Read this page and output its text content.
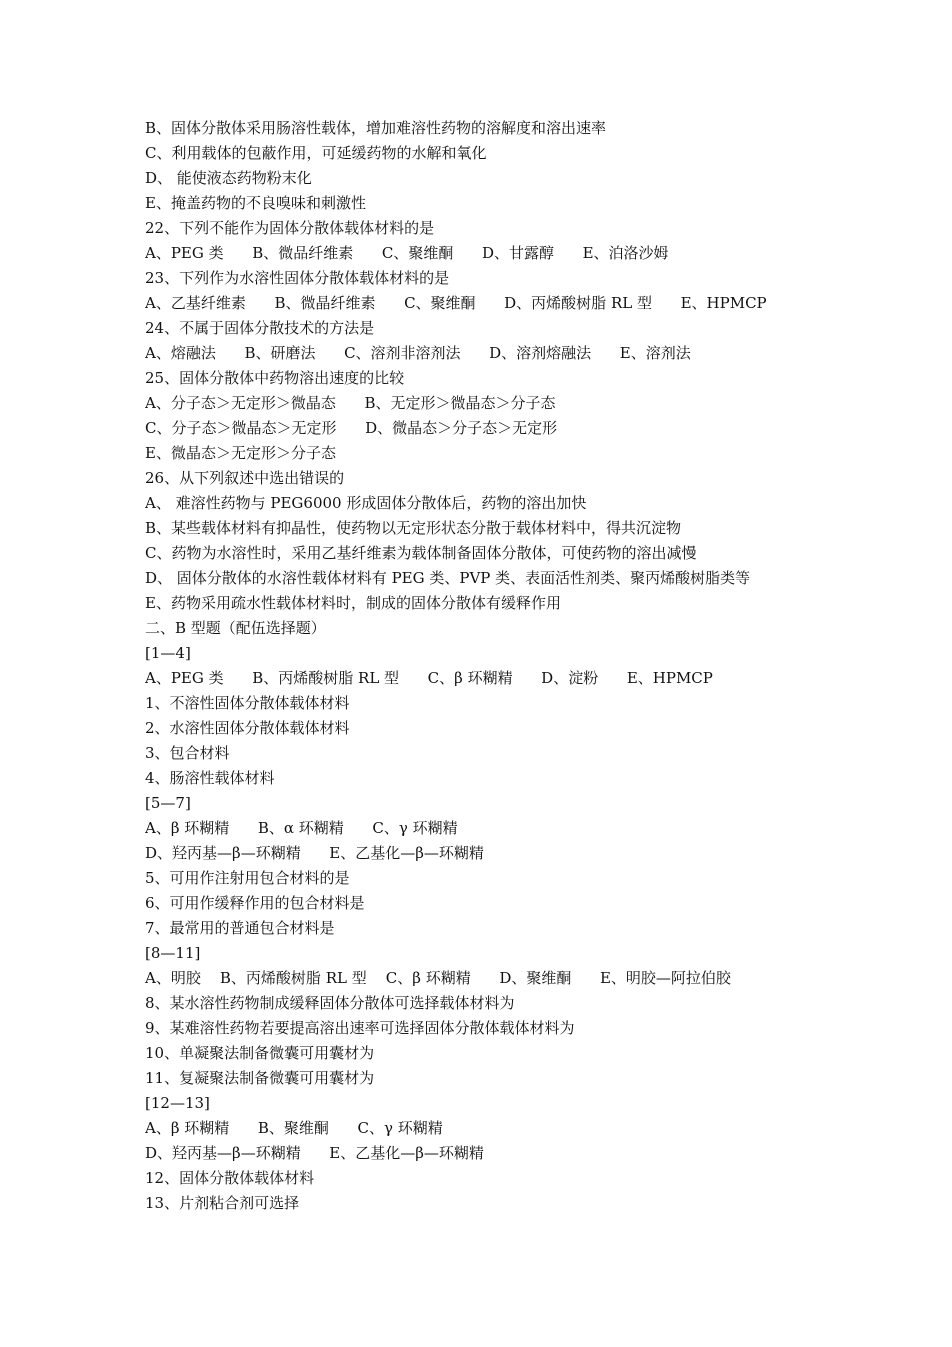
B、固体分散体采用肠溶性载体，增加难溶性药物的溶解度和溶出速率
C、利用载体的包蔽作用，可延缓药物的水解和氧化
D、 能使液态药物粉末化
E、掩盖药物的不良嗅味和刺激性
22、下列不能作为固体分散体载体材料的是
A、PEG 类      B、微品纤维素      C、聚维酮      D、甘露醇      E、泊洛沙姆
23、下列作为水溶性固体分散体载体材料的是
A、乙基纤维素      B、微晶纤维素      C、聚维酮      D、丙烯酸树脂 RL 型      E、HPMCP
24、不属于固体分散技术的方法是
A、熔融法      B、研磨法      C、溶剂非溶剂法      D、溶剂熔融法      E、溶剂法
25、固体分散体中药物溶出速度的比较
A、分子态＞无定形＞微晶态      B、无定形＞微晶态＞分子态
C、分子态＞微晶态＞无定形      D、微晶态＞分子态＞无定形
E、微晶态＞无定形＞分子态
26、从下列叙述中选出错误的
A、 难溶性药物与 PEG6000 形成固体分散体后，药物的溶出加快
B、某些载体材料有抑晶性，使药物以无定形状态分散于载体材料中，得共沉淀物
C、药物为水溶性时，采用乙基纤维素为载体制备固体分散体，可使药物的溶出减慢
D、 固体分散体的水溶性载体材料有 PEG 类、PVP 类、表面活性剂类、聚丙烯酸树脂类等
E、药物采用疏水性载体材料时，制成的固体分散体有缓释作用
二、B 型题（配伍选择题）
[1—4]
A、PEG 类      B、丙烯酸树脂 RL 型      C、β 环糊精      D、淀粉      E、HPMCP
1、不溶性固体分散体载体材料
2、水溶性固体分散体载体材料
3、包合材料
4、肠溶性载体材料
[5—7]
A、β 环糊精      B、α 环糊精      C、γ 环糊精
D、羟丙基—β—环糊精      E、乙基化—β—环糊精
5、可用作注射用包合材料的是
6、可用作缓释作用的包合材料是
7、最常用的普通包合材料是
[8—11]
A、明胶    B、丙烯酸树脂 RL 型    C、β 环糊精      D、聚维酮      E、明胶—阿拉伯胶
8、某水溶性药物制成缓释固体分散体可选择载体材料为
9、某难溶性药物若要提高溶出速率可选择固体分散体载体材料为
10、单凝聚法制备微囊可用囊材为
11、复凝聚法制备微囊可用囊材为
[12—13]
A、β 环糊精      B、聚维酮      C、γ 环糊精
D、羟丙基—β—环糊精      E、乙基化—β—环糊精
12、固体分散体载体材料
13、片剂粘合剂可选择
